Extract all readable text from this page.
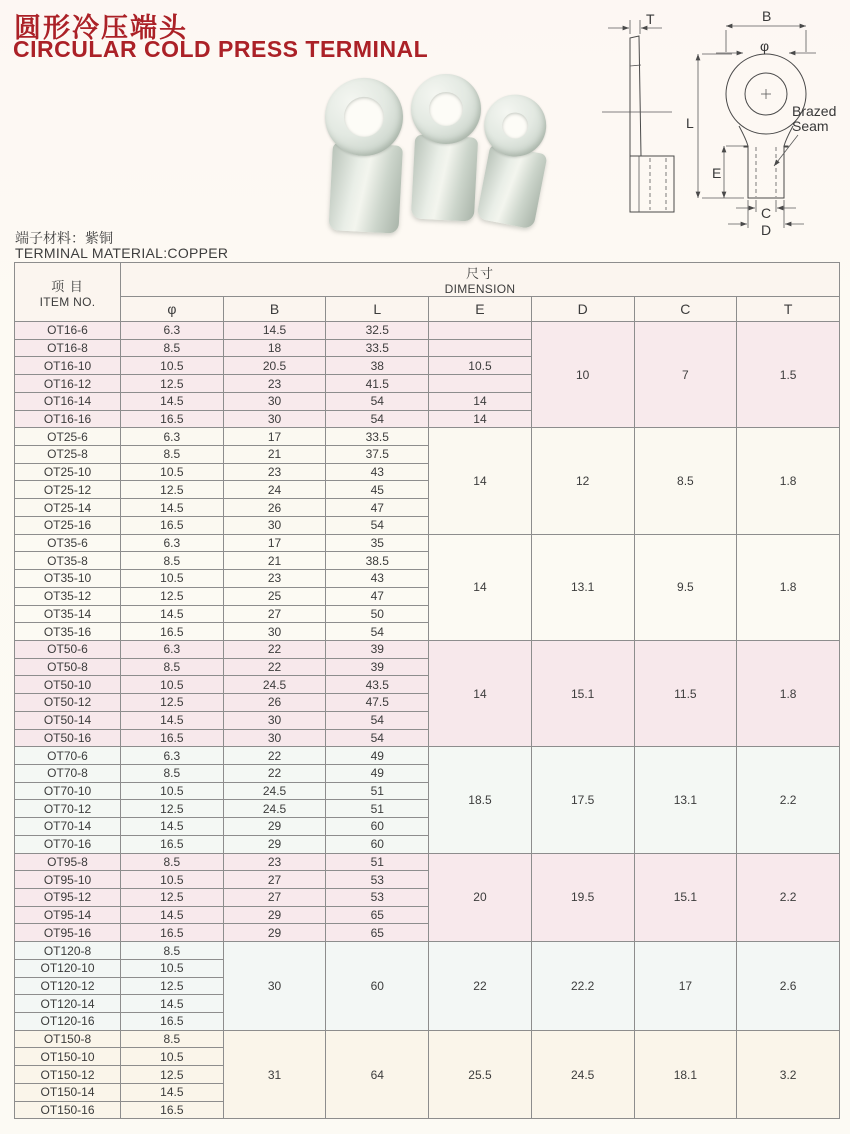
圆形冷压端头
CIRCULAR COLD PRESS TERMINAL
T	B
φ
L
E
C
D
Brazed
Seam
端子材料：紫铜
TERMINAL MATERIAL:COPPER
项 目
ITEM NO.

尺寸
DIMENSION

	φ	B	L	E	D	C	T
OT16-6	6.3	14.5	32.5		10	7	1.5
OT16-8	8.5	18	33.5				
OT16-10	10.5	20.5	38	10.5			
OT16-12	12.5	23	41.5				
OT16-14	14.5	30	54	14			
OT16-16	16.5	30	54	14			
OT25-6	6.3	17	33.5	14	12	8.5	1.8
OT25-8	8.5	21	37.5				
OT25-10	10.5	23	43				
OT25-12	12.5	24	45				
OT25-14	14.5	26	47				
OT25-16	16.5	30	54				
OT35-6	6.3	17	35	14	13.1	9.5	1.8
OT35-8	8.5	21	38.5				
OT35-10	10.5	23	43				
OT35-12	12.5	25	47				
OT35-14	14.5	27	50				
OT35-16	16.5	30	54				
OT50-6	6.3	22	39	14	15.1	11.5	1.8
OT50-8	8.5	22	39				
OT50-10	10.5	24.5	43.5				
OT50-12	12.5	26	47.5				
OT50-14	14.5	30	54				
OT50-16	16.5	30	54				
OT70-6	6.3	22	49	18.5	17.5	13.1	2.2
OT70-8	8.5	22	49				
OT70-10	10.5	24.5	51				
OT70-12	12.5	24.5	51				
OT70-14	14.5	29	60				
OT70-16	16.5	29	60				
OT95-8	8.5	23	51	20	19.5	15.1	2.2
OT95-10	10.5	27	53				
OT95-12	12.5	27	53				
OT95-14	14.5	29	65				
OT95-16	16.5	29	65				
OT120-8	8.5	30	60	22	22.2	17	2.6
OT120-10	10.5						
OT120-12	12.5						
OT120-14	14.5						
OT120-16	16.5						
OT150-8	8.5	31	64	25.5	24.5	18.1	3.2
OT150-10	10.5						
OT150-12	12.5						
OT150-14	14.5						
OT150-16	16.5						
